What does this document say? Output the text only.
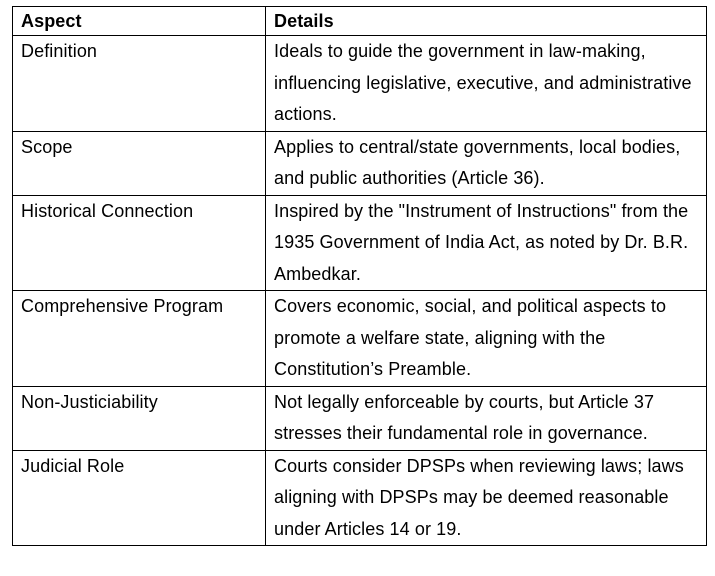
Aspect	Details
Definition	Ideals to guide the government in law-making, influencing legislative, executive, and administrative actions.
Scope	Applies to central/state governments, local bodies, and public authorities (Article 36).
Historical Connection	Inspired by the "Instrument of Instructions" from the 1935 Government of India Act, as noted by Dr. B.R. Ambedkar.
Comprehensive Program	Covers economic, social, and political aspects to promote a welfare state, aligning with the Constitution’s Preamble.
Non-Justiciability	Not legally enforceable by courts, but Article 37 stresses their fundamental role in governance.
Judicial Role	Courts consider DPSPs when reviewing laws; laws aligning with DPSPs may be deemed reasonable under Articles 14 or 19.
